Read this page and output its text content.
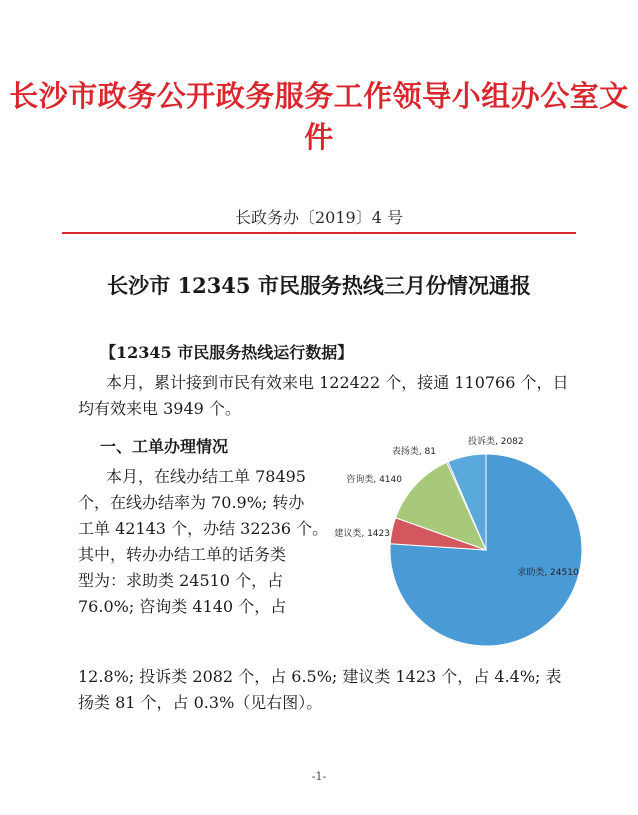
长沙市政务公开政务服务工作领导小组办公室文件
长政务办〔2019〕4 号
长沙市 12345 市民服务热线三月份情况通报
【12345 市民服务热线运行数据】
本月，累计接到市民有效来电 122422 个，接通 110766 个，日
均有效来电 3949 个。
一、工单办理情况
本月，在线办结工单 78495
个，在线办结率为 70.9%; 转办
工单 42143 个，办结 32236 个。
其中，转办办结工单的话务类
型为：求助类 24510 个，占
76.0%; 咨询类 4140 个，占
12.8%; 投诉类 2082 个，占 6.5%; 建议类 1423 个，占 4.4%; 表
扬类 81 个，占 0.3%（见右图）。
求助类, 24510
建议类, 1423
咨询类, 4140
表扬类, 81
投诉类, 2082
-1-
